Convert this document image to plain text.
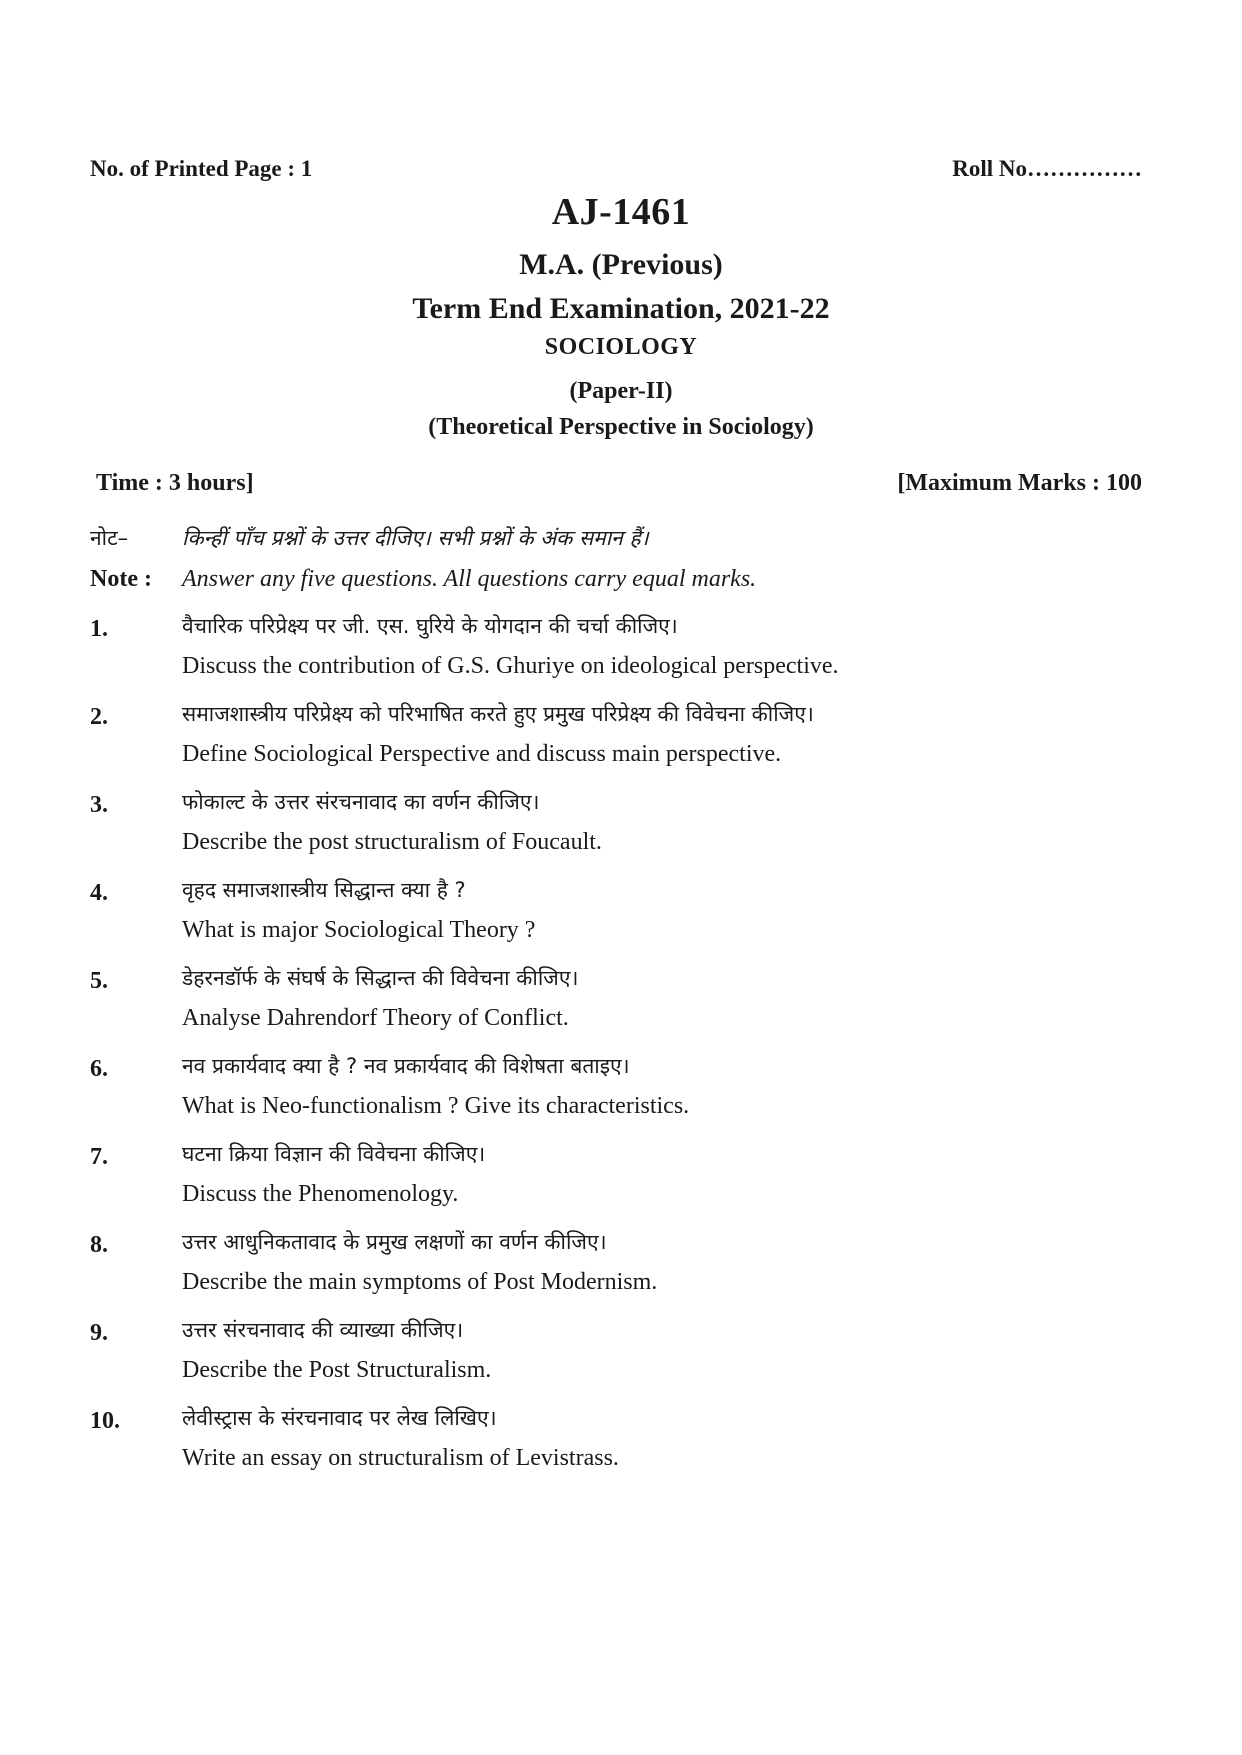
No. of Printed Page : 1	Roll No……………
AJ-1461
M.A. (Previous)
Term End Examination, 2021-22
SOCIOLOGY
(Paper-II)
(Theoretical Perspective in Sociology)
Time : 3 hours]	[Maximum Marks : 100
नोट–	किन्हीं पाँच प्रश्नों के उत्तर दीजिए। सभी प्रश्नों के अंक समान हैं।
Note : Answer any five questions. All questions carry equal marks.
1.	वैचारिक परिप्रेक्ष्य पर जी. एस. घुरिये के योगदान की चर्चा कीजिए।
Discuss the contribution of G.S. Ghuriye on ideological perspective.
2.	समाजशास्त्रीय परिप्रेक्ष्य को परिभाषित करते हुए प्रमुख परिप्रेक्ष्य की विवेचना कीजिए।
Define Sociological Perspective and discuss main perspective.
3.	फोकाल्ट के उत्तर संरचनावाद का वर्णन कीजिए।
Describe the post structuralism of Foucault.
4.	वृहद समाजशास्त्रीय सिद्धान्त क्या है ?
What is major Sociological Theory ?
5.	डेहरनडॉर्फ के संघर्ष के सिद्धान्त की विवेचना कीजिए।
Analyse Dahrendorf Theory of Conflict.
6.	नव प्रकार्यवाद क्या है ? नव प्रकार्यवाद की विशेषता बताइए।
What is Neo-functionalism ? Give its characteristics.
7.	घटना क्रिया विज्ञान की विवेचना कीजिए।
Discuss the Phenomenology.
8.	उत्तर आधुनिकतावाद के प्रमुख लक्षणों का वर्णन कीजिए।
Describe the main symptoms of Post Modernism.
9.	उत्तर संरचनावाद की व्याख्या कीजिए।
Describe the Post Structuralism.
10.	लेवीस्ट्रास के संरचनावाद पर लेख लिखिए।
Write an essay on structuralism of Levistrass.
